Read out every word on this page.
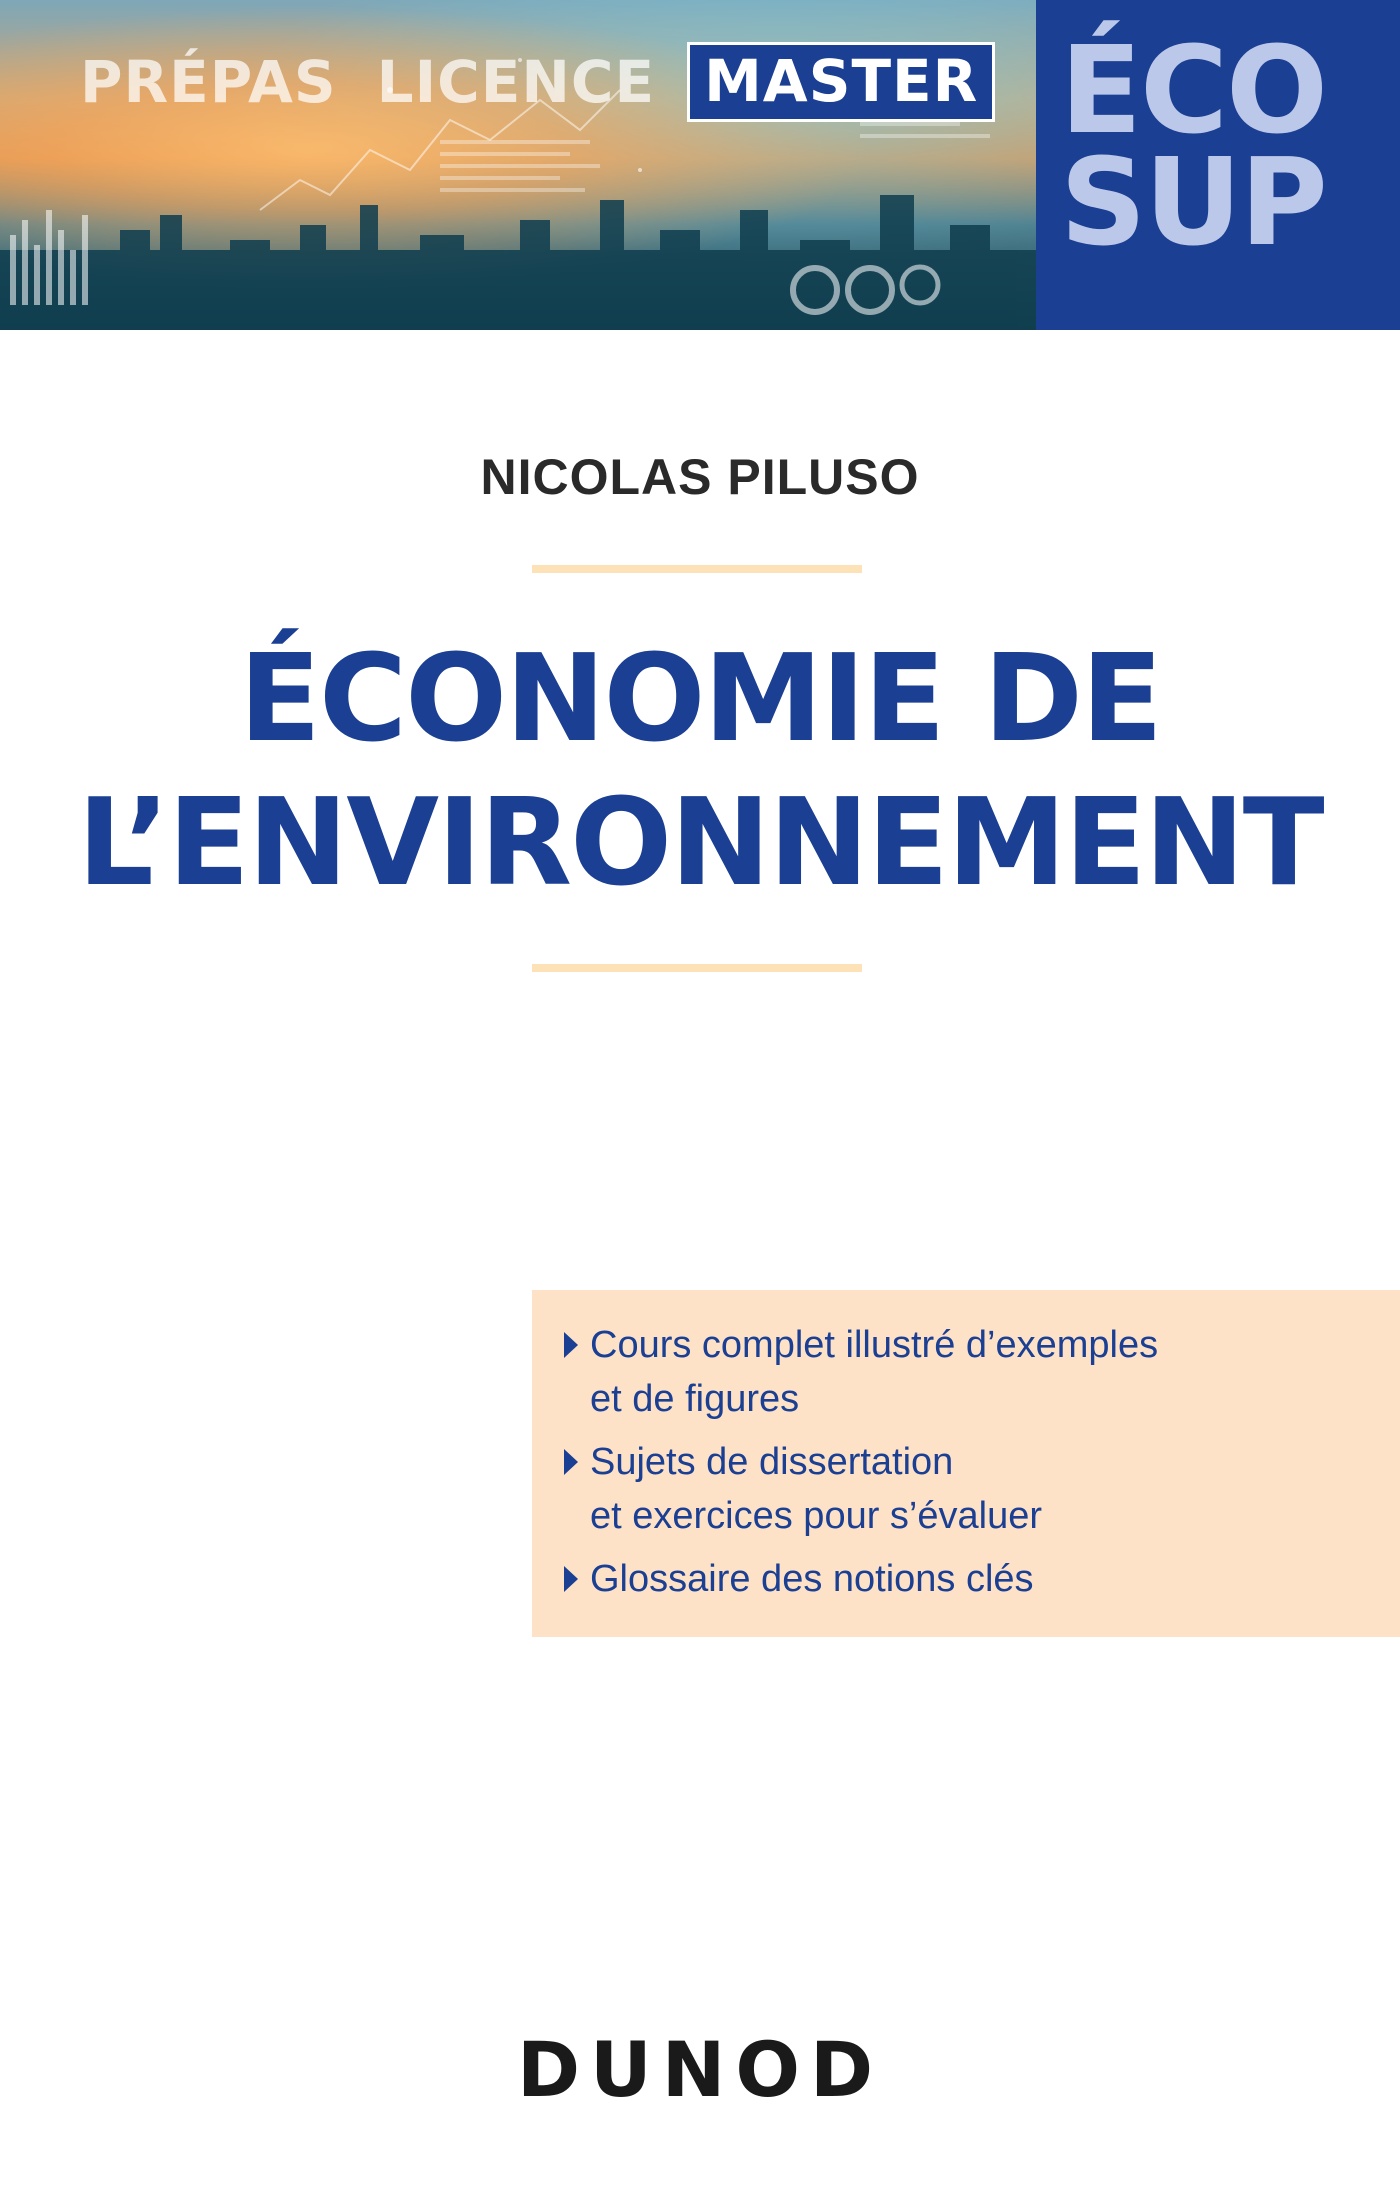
PRÉPAS LICENCE MASTER ÉCO
SUP
NICOLAS PILUSO
ÉCONOMIE DE
L’ENVIRONNEMENT
Cours complet illustré d’exemples
et de figures
Sujets de dissertation
et exercices pour s’évaluer
Glossaire des notions clés
DUNOD
